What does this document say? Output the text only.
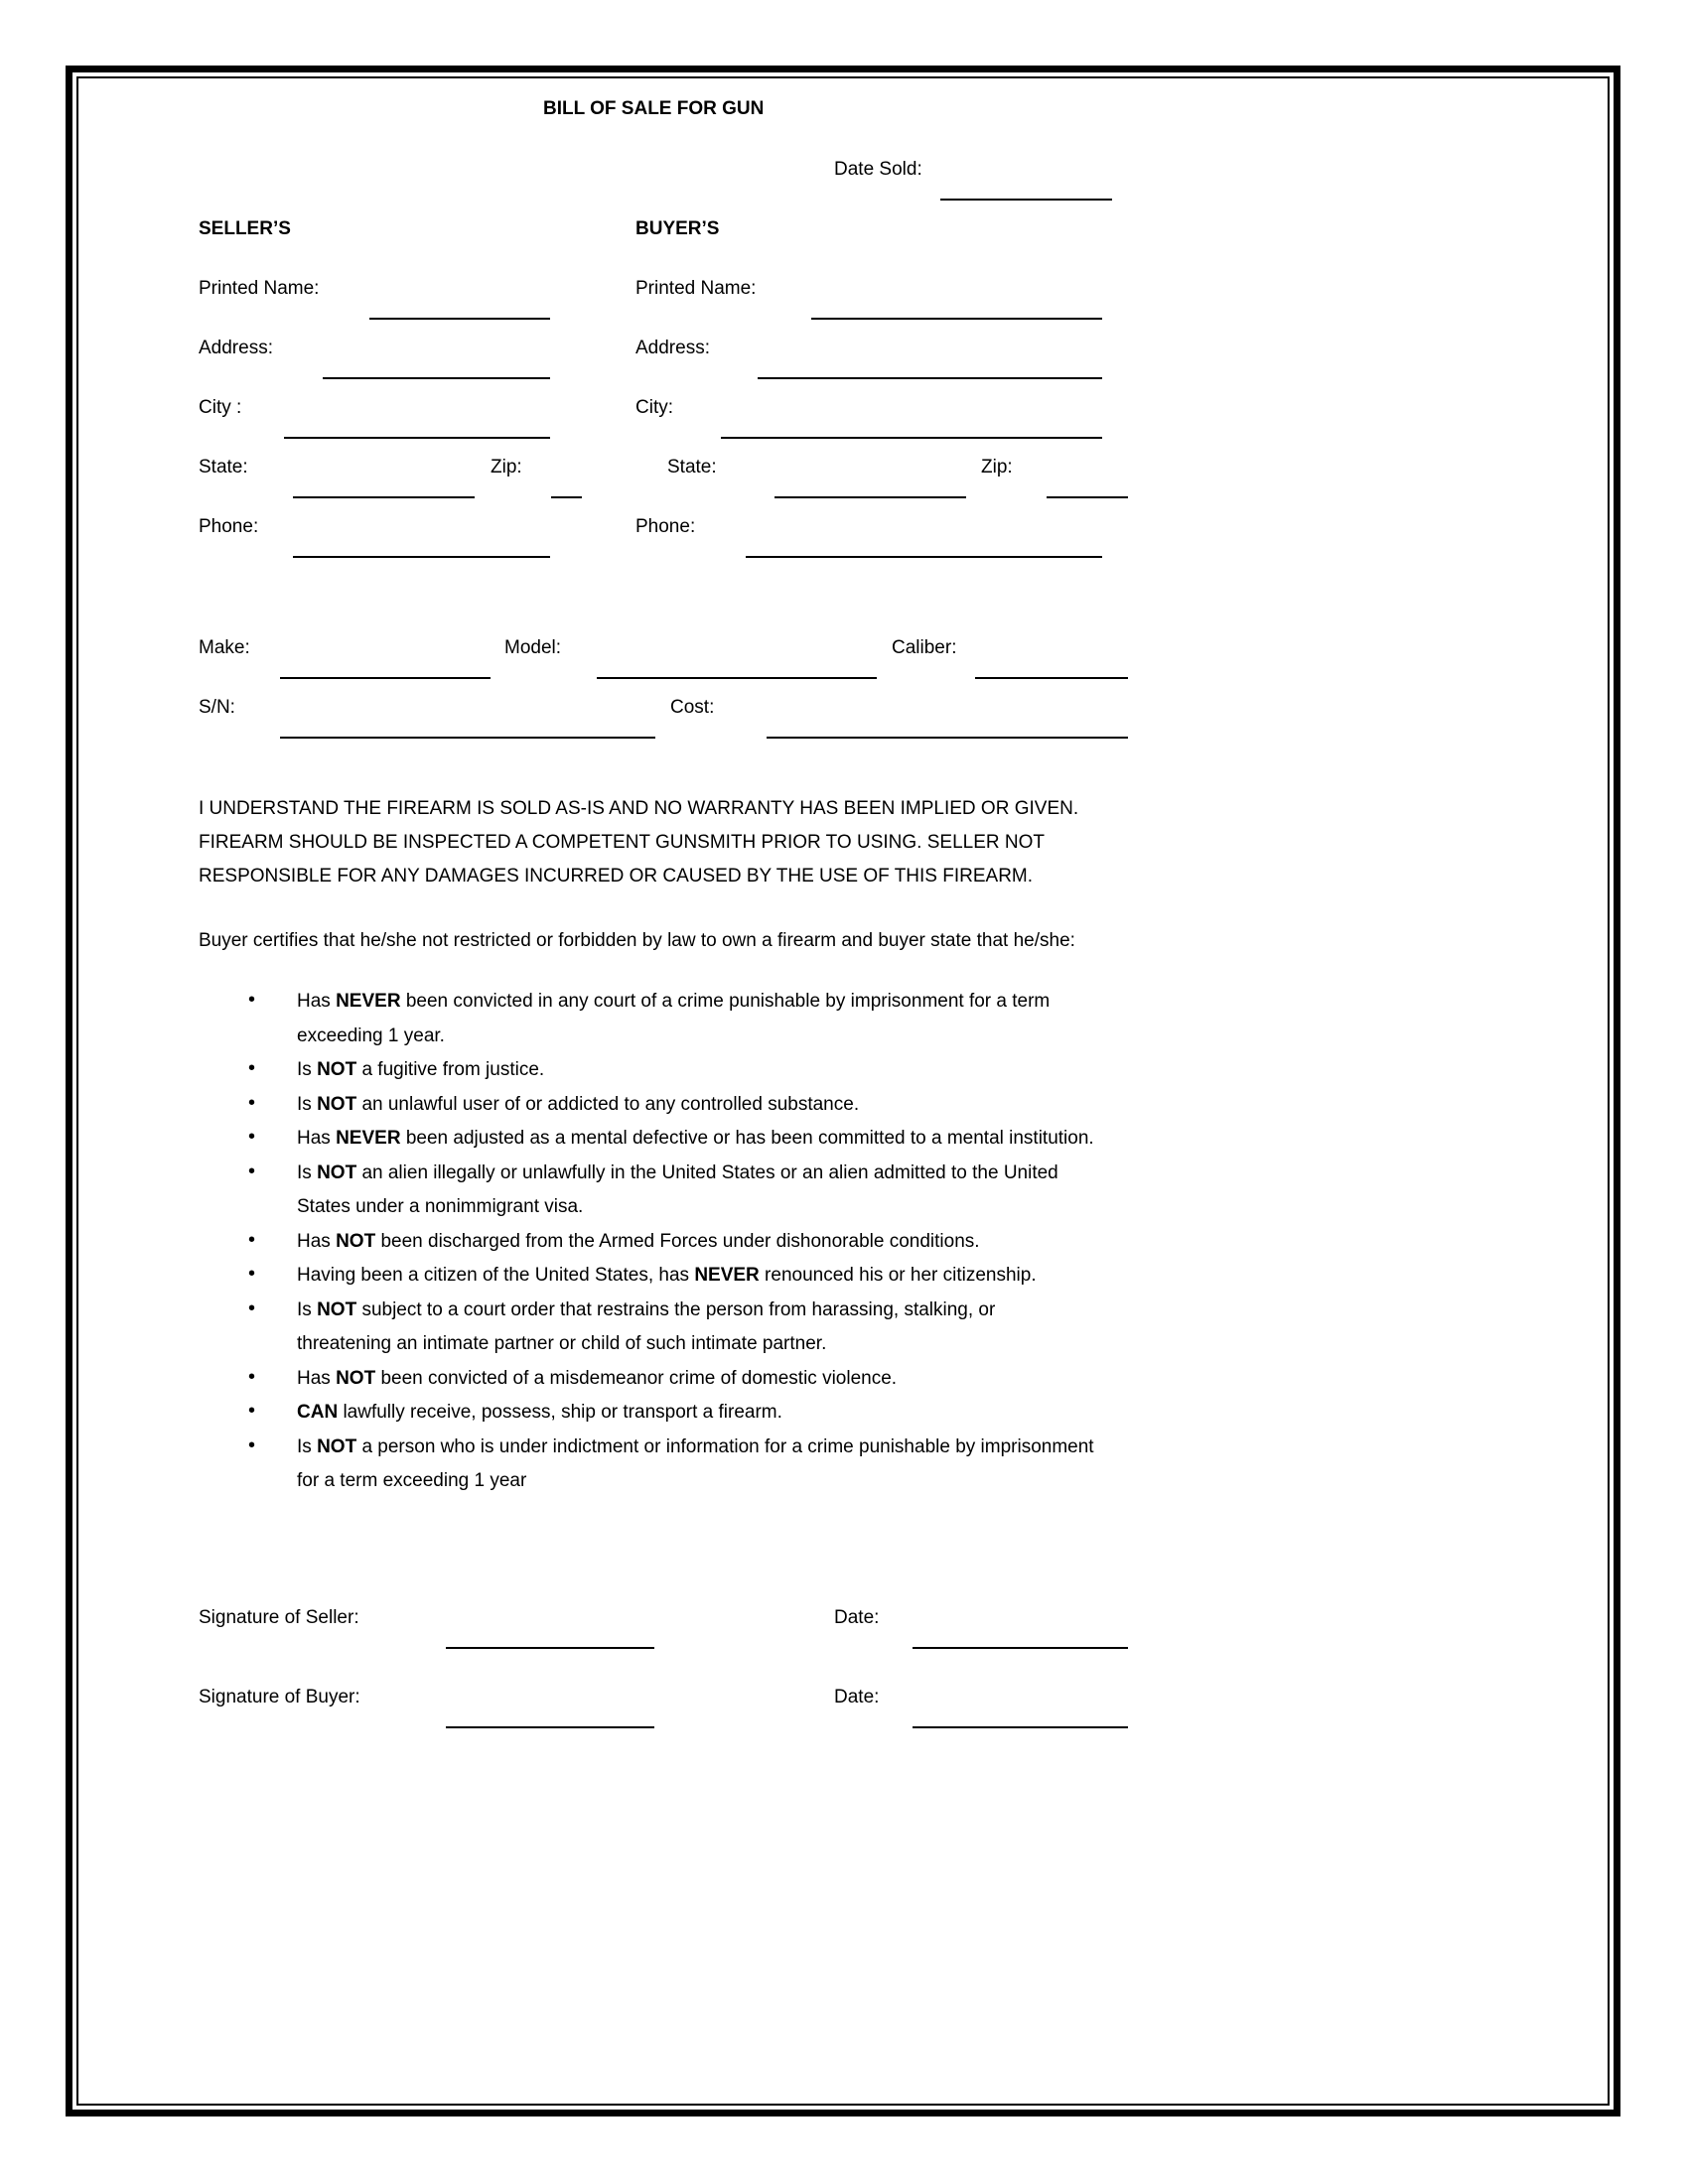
BILL OF SALE FOR GUN
Date Sold:
SELLER’S	BUYER’S
Printed Name:	Printed Name:
Address:	Address:
City :	City:
State:	Zip:	State:	Zip:
Phone:	Phone:
Make:	Model:	Caliber:
S/N:	Cost:
I UNDERSTAND THE FIREARM IS SOLD AS-IS AND NO WARRANTY HAS BEEN IMPLIED OR GIVEN.
FIREARM SHOULD BE INSPECTED A COMPETENT GUNSMITH PRIOR TO USING. SELLER NOT
RESPONSIBLE FOR ANY DAMAGES INCURRED OR CAUSED BY THE USE OF THIS FIREARM.
Buyer certifies that he/she not restricted or forbidden by law to own a firearm and buyer state that he/she:
• Has NEVER been convicted in any court of a crime punishable by imprisonment for a term
exceeding 1 year.
• Is NOT a fugitive from justice.
• Is NOT an unlawful user of or addicted to any controlled substance.
• Has NEVER been adjusted as a mental defective or has been committed to a mental institution.
• Is NOT an alien illegally or unlawfully in the United States or an alien admitted to the United
States under a nonimmigrant visa.
• Has NOT been discharged from the Armed Forces under dishonorable conditions.
• Having been a citizen of the United States, has NEVER renounced his or her citizenship.
• Is NOT subject to a court order that restrains the person from harassing, stalking, or
threatening an intimate partner or child of such intimate partner.
• Has NOT been convicted of a misdemeanor crime of domestic violence.
• CAN lawfully receive, possess, ship or transport a firearm.
• Is NOT a person who is under indictment or information for a crime punishable by imprisonment
for a term exceeding 1 year
Signature of Seller:	Date:
Signature of Buyer:	Date:
